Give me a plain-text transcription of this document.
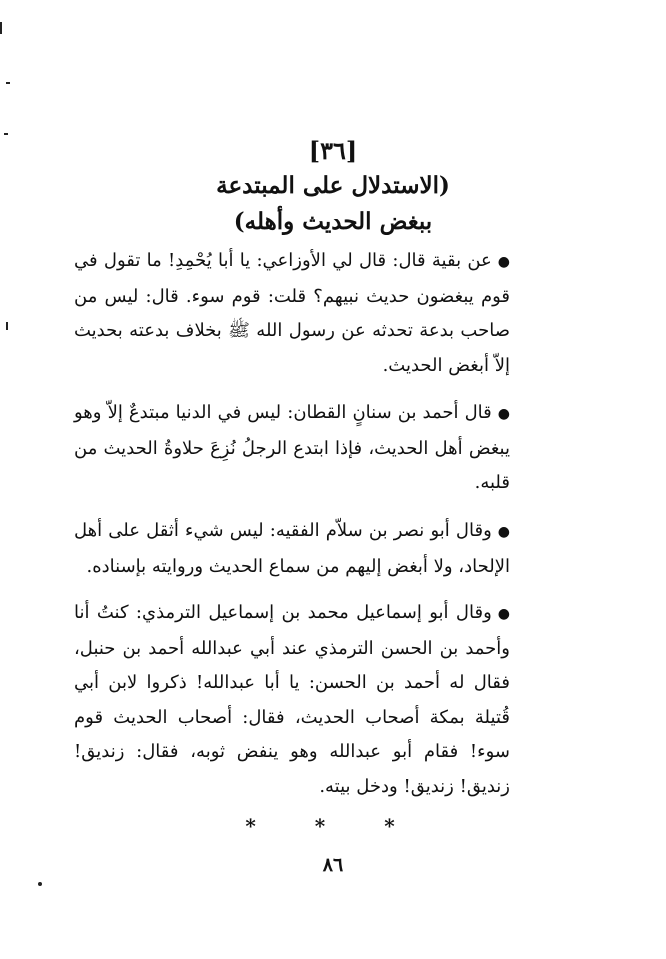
[٣٦]
(الاستدلال على المبتدعة
ببغض الحديث وأهله)

●عن بقية قال: قال لي الأوزاعي: يا أبا يُحْمِدِ! ما تقول في قوم يبغضون حديث نبيهم؟ قلت: قوم سوء. قال: ليس من صاحب بدعة تحدثه عن رسول الله ﷺ بخلاف بدعته بحديث إلاّ أبغض الحديث.

●قال أحمد بن سنانٍ القطان: ليس في الدنيا مبتدعٌ إلاّ وهو يبغض أهل الحديث، فإذا ابتدع الرجلُ نُزِعَ حلاوةُ الحديث من قلبه.

●وقال أبو نصر بن سلاّم الفقيه: ليس شيء أثقل على أهل الإلحاد، ولا أبغض إليهم من سماع الحديث وروايته بإسناده.

●وقال أبو إسماعيل محمد بن إسماعيل الترمذي: كنتُ أنا وأحمد بن الحسن الترمذي عند أبي عبدالله أحمد بن حنبل، فقال له أحمد بن الحسن: يا أبا عبدالله! ذكروا لابن أبي قُتيلة بمكة أصحاب الحديث، فقال: أصحاب الحديث قوم سوء! فقام أبو عبدالله وهو ينفض ثوبه، فقال: زنديق! زنديق! زنديق! ودخل بيته.

* * *
٨٦
